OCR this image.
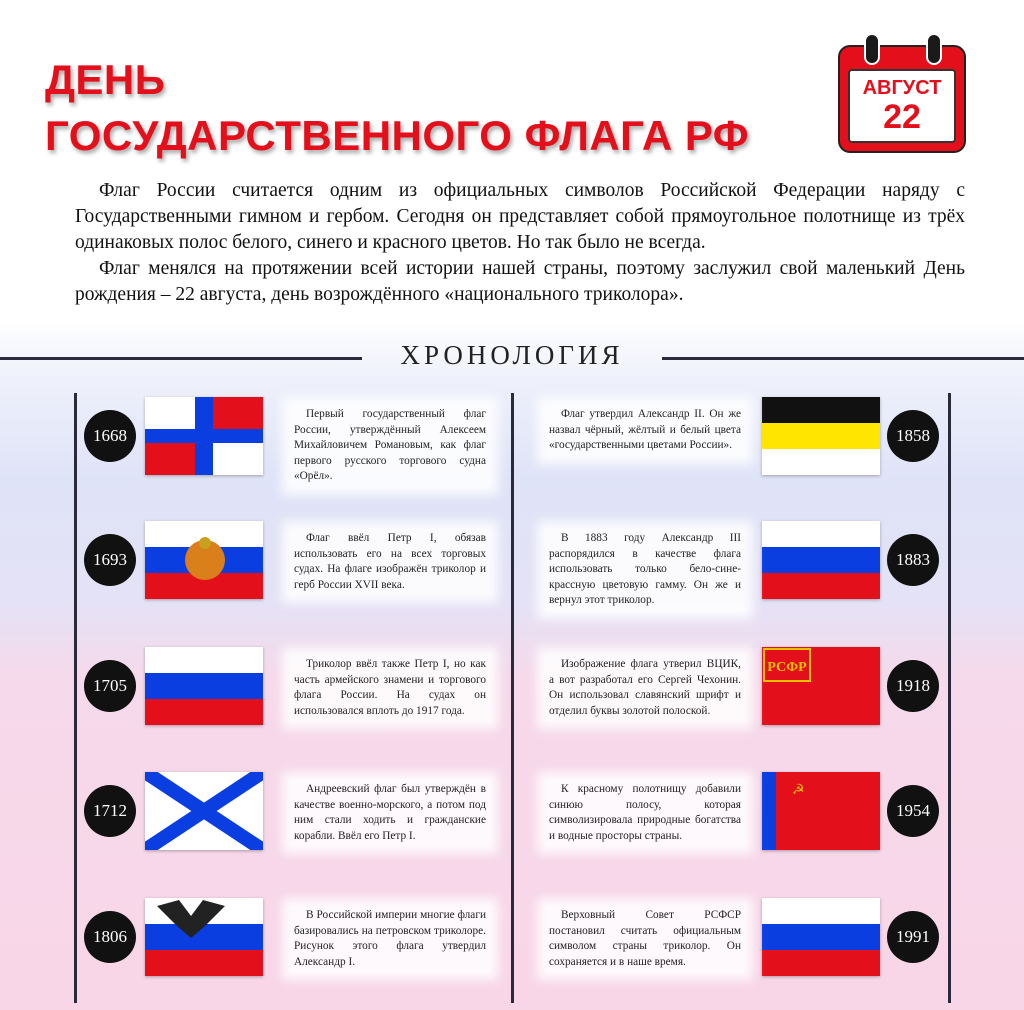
ДЕНЬ
ГОСУДАРСТВЕННОГО ФЛАГА РФ
АВГУСТ
22

Флаг России считается одним из официальных символов Российской Федерации наряду с Государственными гимном и гербом. Сегодня он представляет собой прямоугольное полотнище из трёх одинаковых полос белого, синего и красного цветов. Но так было не всегда.

Флаг менялся на протяжении всей истории нашей страны, поэтому заслужил свой маленький День рождения – 22 августа, день возрождённого «национального триколора».

ХРОНОЛОГИЯ
1668
Первый государственный флаг России, утверждённый Алексеем Михайловичем Романовым, как флаг первого русского торгового судна «Орёл».
1693
Флаг ввёл Петр I, обязав использовать его на всех торговых судах. На флаге изображён триколор и герб России XVII века.
1705
Триколор ввёл также Петр I, но как часть армейского знамени и торгового флага России. На судах он использовался вплоть до 1917 года.
1712
Андреевский флаг был утверждён в качестве военно-морского, а потом под ним стали ходить и гражданские корабли. Ввёл его Петр I.
1806
В Российской империи многие флаги базировались на петровском триколоре. Рисунок этого флага утвердил Александр I.
1858
Флаг утвердил Александр II. Он же назвал чёрный, жёлтый и белый цвета «государственными цветами России».
1883
В 1883 году Александр III распорядился в качестве флага использовать только бело-сине-крассную цветовую гамму. Он же и вернул этот триколор.
1918
РСФР
Изображение флага утверил ВЦИК, а вот разработал его Сергей Чехонин. Он использовал славянский шрифт и отделил буквы золотой полоской.
1954
☭
К красному полотнищу добавили синюю полосу, которая символизировала природные богатства и водные просторы страны.
1991
Верховный Совет РСФСР постановил считать официальным символом страны триколор. Он сохраняется и в наше время.
